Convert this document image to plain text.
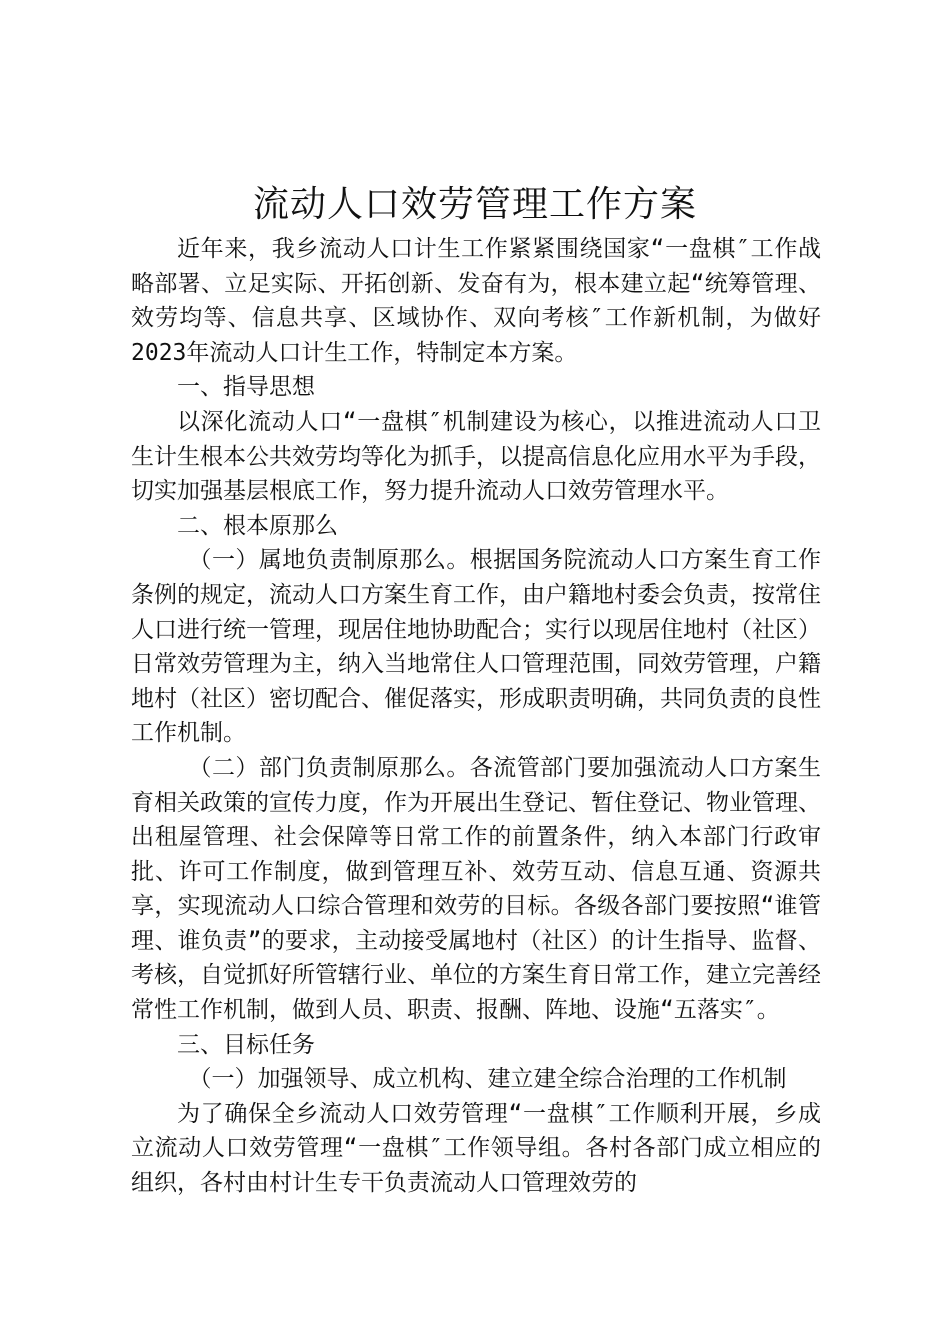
流动人口效劳管理工作方案

近年来，我乡流动人口计生工作紧紧围绕国家“一盘棋″工作战略部署、立足实际、开拓创新、发奋有为，根本建立起“统筹管理、效劳均等、信息共享、区域协作、双向考核″工作新机制，为做好2023年流动人口计生工作，特制定本方案。

一、指导思想

以深化流动人口“一盘棋″机制建设为核心，以推进流动人口卫生计生根本公共效劳均等化为抓手，以提高信息化应用水平为手段，切实加强基层根底工作，努力提升流动人口效劳管理水平。

二、根本原那么

（一）属地负责制原那么。根据国务院流动人口方案生育工作条例的规定，流动人口方案生育工作，由户籍地村委会负责，按常住人口进行统一管理，现居住地协助配合；实行以现居住地村（社区）日常效劳管理为主，纳入当地常住人口管理范围，同效劳管理，户籍地村（社区）密切配合、催促落实，形成职责明确，共同负责的良性工作机制。

（二）部门负责制原那么。各流管部门要加强流动人口方案生育相关政策的宣传力度，作为开展出生登记、暂住登记、物业管理、出租屋管理、社会保障等日常工作的前置条件，纳入本部门行政审批、许可工作制度，做到管理互补、效劳互动、信息互通、资源共享，实现流动人口综合管理和效劳的目标。各级各部门要按照“谁管理、谁负责”的要求，主动接受属地村（社区）的计生指导、监督、考核，自觉抓好所管辖行业、单位的方案生育日常工作，建立完善经常性工作机制，做到人员、职责、报酬、阵地、设施“五落实″。

三、目标任务

（一）加强领导、成立机构、建立建全综合治理的工作机制

为了确保全乡流动人口效劳管理“一盘棋″工作顺利开展，乡成立流动人口效劳管理“一盘棋″工作领导组。各村各部门成立相应的组织，各村由村计生专干负责流动人口管理效劳的
